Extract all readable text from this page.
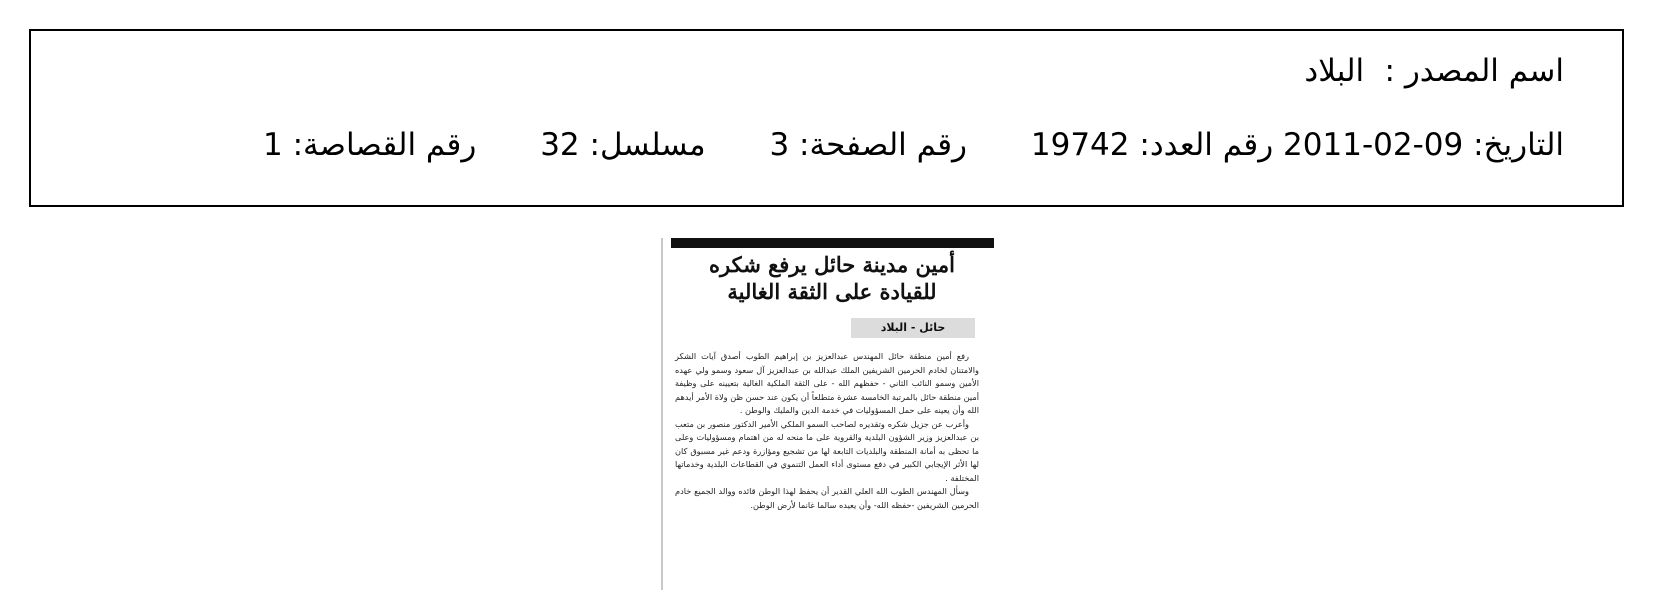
اسم المصدر : البلاد
التاريخ: 09-02-2011 رقم العدد: 19742 رقم الصفحة: 3 مسلسل: 32 رقم القصاصة: 1
أمين مدينة حائل يرفع شكره
للقيادة على الثقة الغالية
حائل - البلاد

رفع أمين منطقة حائل المهندس عبدالعزيز بن إبراهيم الطوب أصدق آيات الشكر والامتنان لخادم الحرمين الشريفين الملك عبدالله بن عبدالعزيز آل سعود وسمو ولي عهده الأمين وسمو النائب الثاني - حفظهم الله - على الثقة الملكية الغالية بتعيينه على وظيفة أمين منطقة حائل بالمرتبة الخامسة عشرة متطلعاً أن يكون عند حسن ظن ولاة الأمر أيدهم الله وأن يعينه على حمل المسؤوليات في خدمة الدين والمليك والوطن .

وأعرب عن جزيل شكره وتقديره لصاحب السمو الملكي الأمير الدكتور منصور بن متعب بن عبدالعزيز وزير الشؤون البلدية والقروية على ما منحه له من اهتمام ومسؤوليات وعلى ما تحظى به أمانة المنطقة والبلديات التابعة لها من تشجيع ومؤازرة ودعم غير مسبوق كان لها الأثر الإيجابي الكبير في دفع مستوى أداء العمل التنموي في القطاعات البلدية وخدماتها المختلفة .

وسأل المهندس الطوب الله العلي القدير أن يحفظ لهذا الوطن قائده ووالد الجميع خادم الحرمين الشريفين -حفظه الله- وأن يعيده سالما غانما لأرض الوطن.
